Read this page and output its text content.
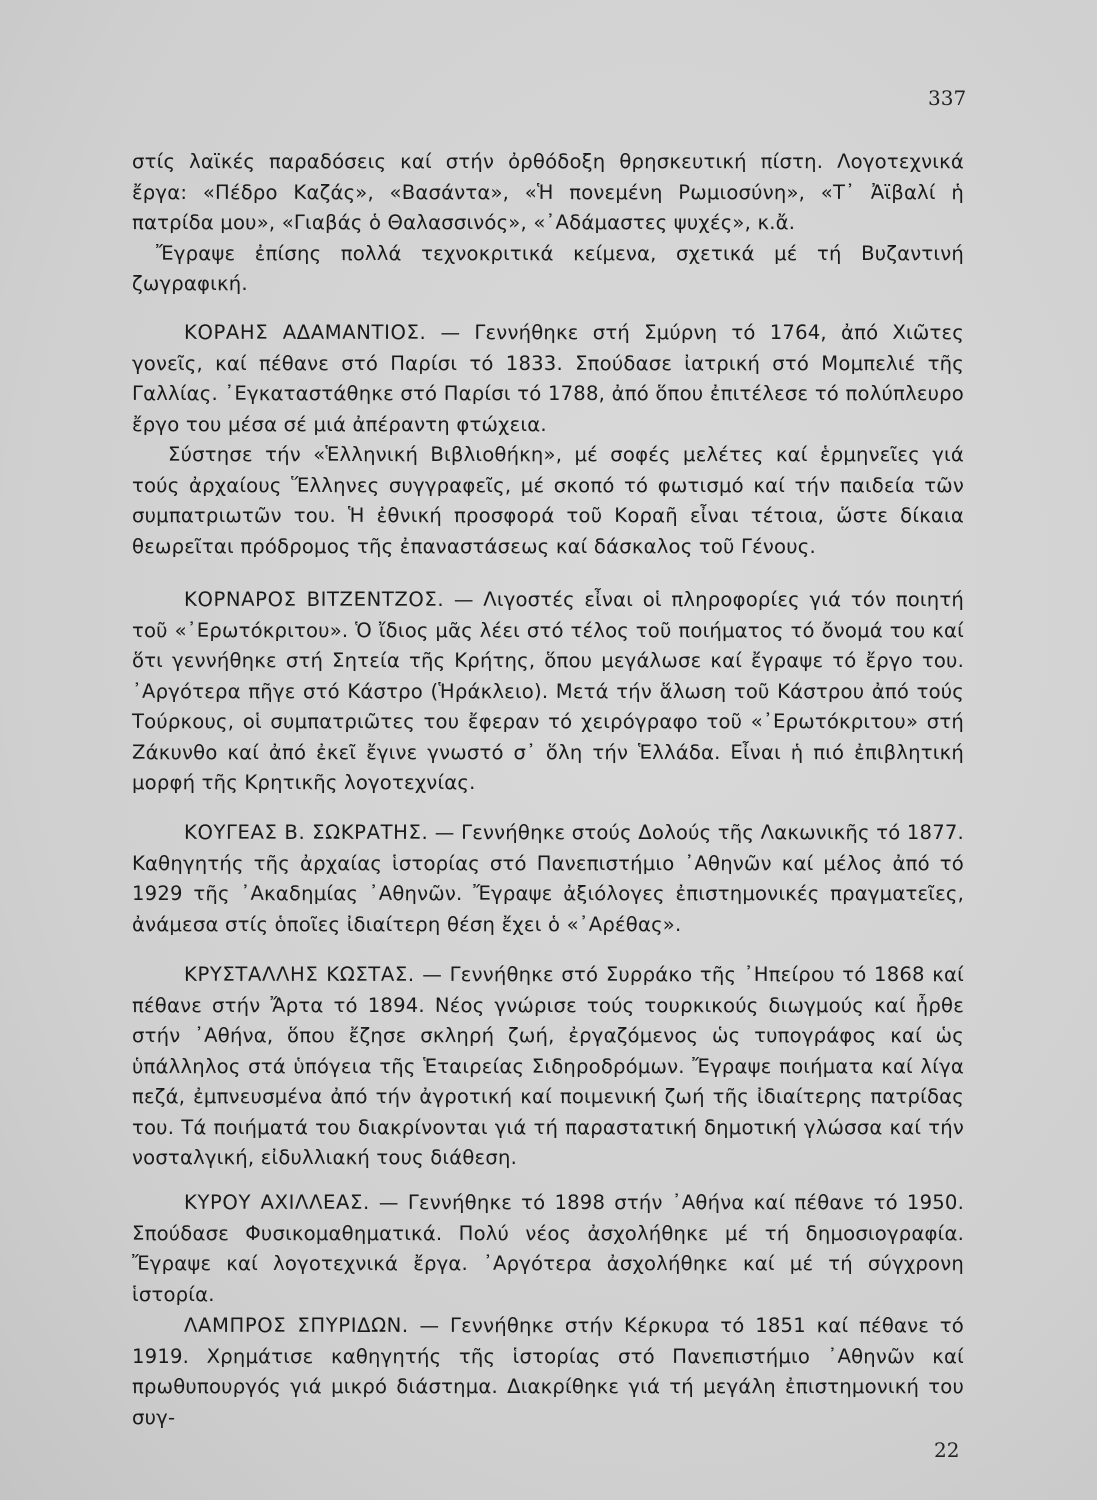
337

στίς λαϊκές παραδόσεις καί στήν ὀρθόδοξη θρησκευτική πίστη. Λογοτεχνικά ἔργα: «Πέδρο Καζάς», «Βασάντα», «Ἡ πονεμένη Ρωμιοσύνη», «Τ᾿ Ἀϊβαλί ἡ πατρίδα μου», «Γιαβάς ὁ Θαλασσινός», «᾿Αδάμαστες ψυχές», κ.ἄ.

Ἔγραψε ἐπίσης πολλά τεχνοκριτικά κείμενα, σχετικά μέ τή Βυζαντινή ζωγραφική.

ΚΟΡΑΗΣ ΑΔΑΜΑΝΤΙΟΣ. — Γεννήθηκε στή Σμύρνη τό 1764, ἀπό Χιῶτες γονεῖς, καί πέθανε στό Παρίσι τό 1833. Σπούδασε ἰατρική στό Μομπελιέ τῆς Γαλλίας. ᾿Εγκαταστάθηκε στό Παρίσι τό 1788, ἀπό ὅπου ἐπιτέλεσε τό πολύπλευρο ἔργο του μέσα σέ μιά ἀπέραντη φτώχεια.

Σύστησε τήν «Ἑλληνική Βιβλιοθήκη», μέ σοφές μελέτες καί ἑρμηνεῖες γιά τούς ἀρχαίους Ἕλληνες συγγραφεῖς, μέ σκοπό τό φωτισμό καί τήν παιδεία τῶν συμπατριωτῶν του. Ἡ ἐθνική προσφορά τοῦ Κοραῆ εἶναι τέτοια, ὥστε δίκαια θεωρεῖται πρόδρομος τῆς ἐπαναστάσεως καί δάσκαλος τοῦ Γένους.

ΚΟΡΝΑΡΟΣ ΒΙΤΖΕΝΤΖΟΣ. — Λιγοστές εἶναι οἱ πληροφορίες γιά τόν ποιητή τοῦ «᾿Ερωτόκριτου». Ὁ ἴδιος μᾶς λέει στό τέλος τοῦ ποιήματος τό ὄνομά του καί ὅτι γεννήθηκε στή Σητεία τῆς Κρήτης, ὅπου μεγάλωσε καί ἔγραψε τό ἔργο του. ᾿Αργότερα πῆγε στό Κάστρο (Ἡράκλειο). Μετά τήν ἅλωση τοῦ Κάστρου ἀπό τούς Τούρκους, οἱ συμπατριῶτες του ἔφεραν τό χειρόγραφο τοῦ «᾿Ερωτόκριτου» στή Ζάκυνθο καί ἀπό ἐκεῖ ἔγινε γνωστό σ᾿ ὅλη τήν Ἑλλάδα. Εἶναι ἡ πιό ἐπιβλητική μορφή τῆς Κρητικῆς λογοτεχνίας.

ΚΟΥΓΕΑΣ Β. ΣΩΚΡΑΤΗΣ. — Γεννήθηκε στούς Δολούς τῆς Λακωνικῆς τό 1877. Καθηγητής τῆς ἀρχαίας ἱστορίας στό Πανεπιστήμιο ᾿Αθηνῶν καί μέλος ἀπό τό 1929 τῆς ᾿Ακαδημίας ᾿Αθηνῶν. Ἔγραψε ἀξιόλογες ἐπιστημονικές πραγματεῖες, ἀνάμεσα στίς ὁποῖες ἰδιαίτερη θέση ἔχει ὁ «᾿Αρέθας».

ΚΡΥΣΤΑΛΛΗΣ ΚΩΣΤΑΣ. — Γεννήθηκε στό Συρράκο τῆς ᾿Ηπείρου τό 1868 καί πέθανε στήν Ἄρτα τό 1894. Νέος γνώρισε τούς τουρκικούς διωγμούς καί ἦρθε στήν ᾿Αθήνα, ὅπου ἔζησε σκληρή ζωή, ἐργαζόμενος ὡς τυπογράφος καί ὡς ὑπάλληλος στά ὑπόγεια τῆς Ἑταιρείας Σιδηροδρόμων. Ἔγραψε ποιήματα καί λίγα πεζά, ἐμπνευσμένα ἀπό τήν ἀγροτική καί ποιμενική ζωή τῆς ἰδιαίτερης πατρίδας του. Τά ποιήματά του διακρίνονται γιά τή παραστατική δημοτική γλώσσα καί τήν νοσταλγική, εἰδυλλιακή τους διάθεση.

ΚΥΡΟΥ ΑΧΙΛΛΕΑΣ. — Γεννήθηκε τό 1898 στήν ᾿Αθήνα καί πέθανε τό 1950. Σπούδασε Φυσικομαθηματικά. Πολύ νέος ἀσχολήθηκε μέ τή δημοσιογραφία. Ἔγραψε καί λογοτεχνικά ἔργα. ᾿Αργότερα ἀσχολήθηκε καί μέ τή σύγχρονη ἱστορία.

ΛΑΜΠΡΟΣ ΣΠΥΡΙΔΩΝ. — Γεννήθηκε στήν Κέρκυρα τό 1851 καί πέθανε τό 1919. Χρημάτισε καθηγητής τῆς ἱστορίας στό Πανεπιστήμιο ᾿Αθηνῶν καί πρωθυπουργός γιά μικρό διάστημα. Διακρίθηκε γιά τή μεγάλη ἐπιστημονική του συγ-

22
